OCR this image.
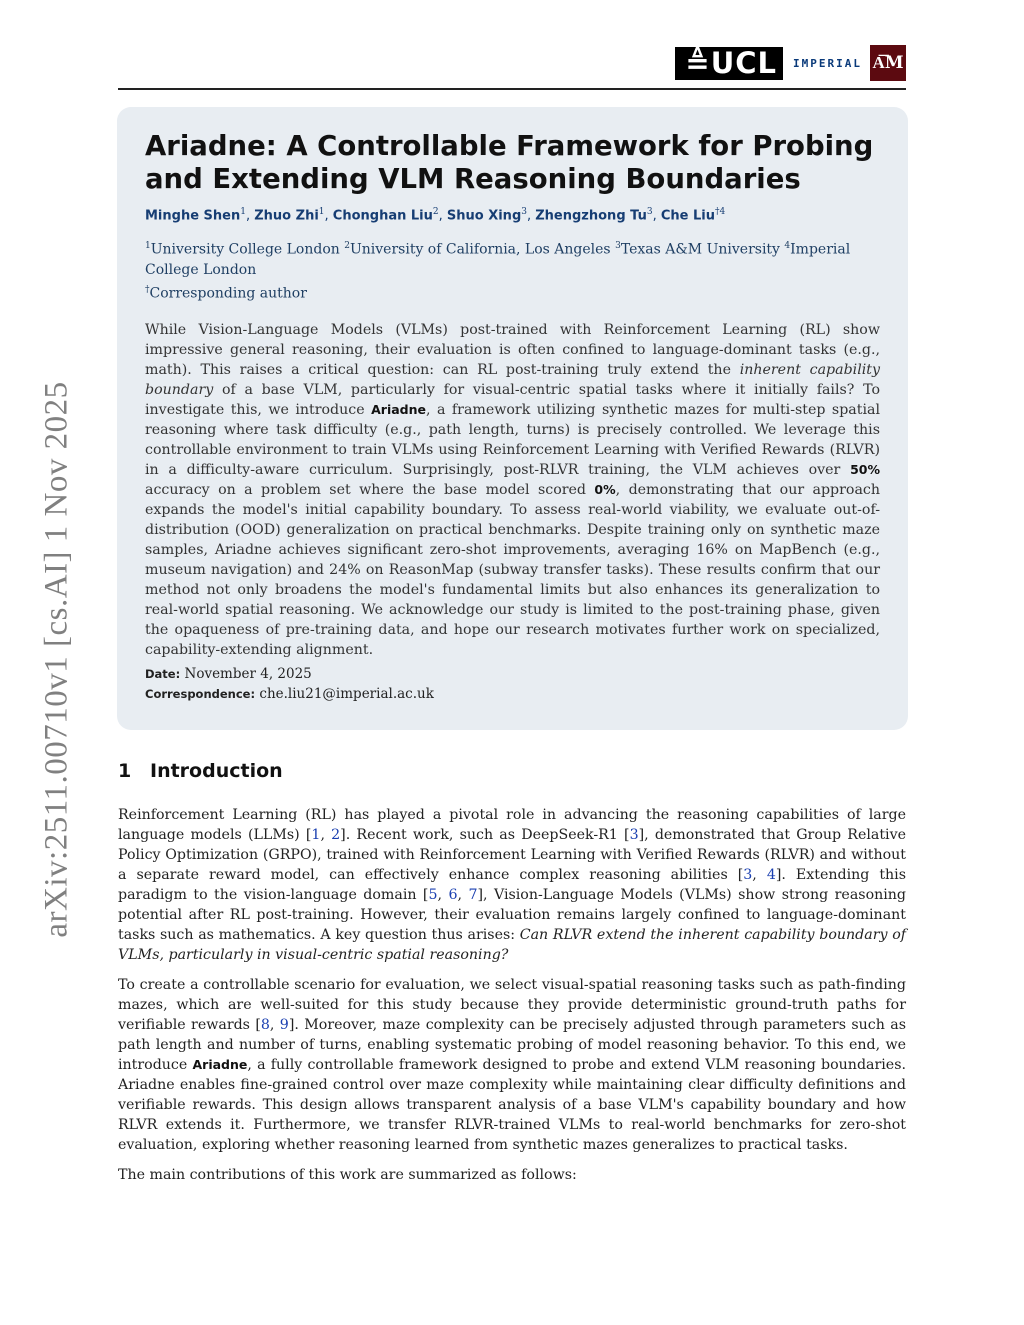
arXiv:2511.00710v1 [cs.AI] 1 Nov 2025
≜UCL	IMPERIAL A͞M
Ariadne: A Controllable Framework for Probing and Extending VLM Reasoning Boundaries
Minghe Shen$^1$, Zhuo Zhi$^1$, Chonghan Liu$^2$, Shuo Xing$^3$, Zhengzhong Tu$^3$, Che Liu$^{\dagger 4}$
$^1$University College London $^2$University of California, Los Angeles $^3$Texas A&M University $^4$Imperial College London
†Corresponding author

While Vision-Language Models (VLMs) post-trained with Reinforcement Learning (RL) show impressive general reasoning, their evaluation is often confined to language-dominant tasks (e.g., math). This raises a critical question: can RL post-training truly extend the inherent capability boundary of a base VLM, particularly for visual-centric spatial tasks where it initially fails? To investigate this, we introduce Ariadne, a framework utilizing synthetic mazes for multi-step spatial reasoning where task difficulty (e.g., path length, turns) is precisely controlled. We leverage this controllable environment to train VLMs using Reinforcement Learning with Verified Rewards (RLVR) in a difficulty-aware curriculum. Surprisingly, post-RLVR training, the VLM achieves over 50% accuracy on a problem set where the base model scored 0%, demonstrating that our approach expands the model's initial capability boundary. To assess real-world viability, we evaluate out-of-distribution (OOD) generalization on practical benchmarks. Despite training only on synthetic maze samples, Ariadne achieves significant zero-shot improvements, averaging 16% on MapBench (e.g., museum navigation) and 24% on ReasonMap (subway transfer tasks). These results confirm that our method not only broadens the model's fundamental limits but also enhances its generalization to real-world spatial reasoning. We acknowledge our study is limited to the post-training phase, given the opaqueness of pre-training data, and hope our research motivates further work on specialized, capability-extending alignment.

Date: November 4, 2025
Correspondence: che.liu21@imperial.ac.uk
1 Introduction

Reinforcement Learning (RL) has played a pivotal role in advancing the reasoning capabilities of large language models (LLMs) [1, 2]. Recent work, such as DeepSeek-R1 [3], demonstrated that Group Relative Policy Optimization (GRPO), trained with Reinforcement Learning with Verified Rewards (RLVR) and without a separate reward model, can effectively enhance complex reasoning abilities [3, 4]. Extending this paradigm to the vision-language domain [5, 6, 7], Vision-Language Models (VLMs) show strong reasoning potential after RL post-training. However, their evaluation remains largely confined to language-dominant tasks such as mathematics. A key question thus arises: Can RLVR extend the inherent capability boundary of VLMs, particularly in visual-centric spatial reasoning?

To create a controllable scenario for evaluation, we select visual-spatial reasoning tasks such as path-finding mazes, which are well-suited for this study because they provide deterministic ground-truth paths for verifiable rewards [8, 9]. Moreover, maze complexity can be precisely adjusted through parameters such as path length and number of turns, enabling systematic probing of model reasoning behavior. To this end, we introduce Ariadne, a fully controllable framework designed to probe and extend VLM reasoning boundaries. Ariadne enables fine-grained control over maze complexity while maintaining clear difficulty definitions and verifiable rewards. This design allows transparent analysis of a base VLM's capability boundary and how RLVR extends it. Furthermore, we transfer RLVR-trained VLMs to real-world benchmarks for zero-shot evaluation, exploring whether reasoning learned from synthetic mazes generalizes to practical tasks.

The main contributions of this work are summarized as follows:
